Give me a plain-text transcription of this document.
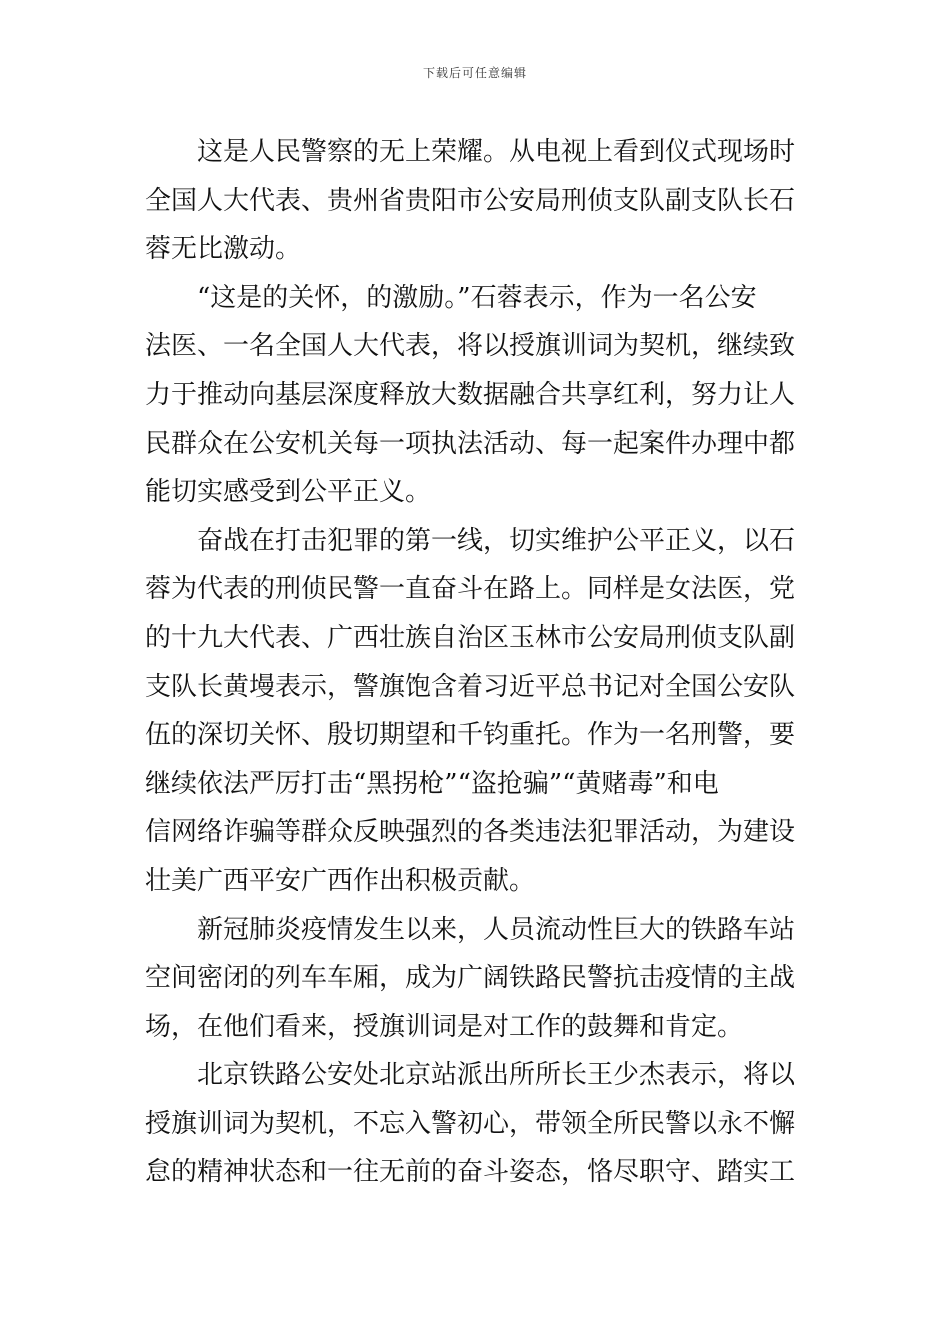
下载后可任意编辑

这是人民警察的无上荣耀。从电视上看到仪式现场时
全国人大代表、贵州省贵阳市公安局刑侦支队副支队长石
蓉无比激动。

“这是的关怀，的激励。”石蓉表示，作为一名公安
法医、一名全国人大代表，将以授旗训词为契机，继续致
力于推动向基层深度释放大数据融合共享红利，努力让人
民群众在公安机关每一项执法活动、每一起案件办理中都
能切实感受到公平正义。

奋战在打击犯罪的第一线，切实维护公平正义，以石
蓉为代表的刑侦民警一直奋斗在路上。同样是女法医，党
的十九大代表、广西壮族自治区玉林市公安局刑侦支队副
支队长黄墁表示，警旗饱含着习近平总书记对全国公安队
伍的深切关怀、殷切期望和千钧重托。作为一名刑警，要
继续依法严厉打击“黑拐枪”“盗抢骗”“黄赌毒”和电
信网络诈骗等群众反映强烈的各类违法犯罪活动，为建设
壮美广西平安广西作出积极贡献。

新冠肺炎疫情发生以来，人员流动性巨大的铁路车站
空间密闭的列车车厢，成为广阔铁路民警抗击疫情的主战
场，在他们看来，授旗训词是对工作的鼓舞和肯定。

北京铁路公安处北京站派出所所长王少杰表示，将以
授旗训词为契机，不忘入警初心，带领全所民警以永不懈
怠的精神状态和一往无前的奋斗姿态，恪尽职守、踏实工
